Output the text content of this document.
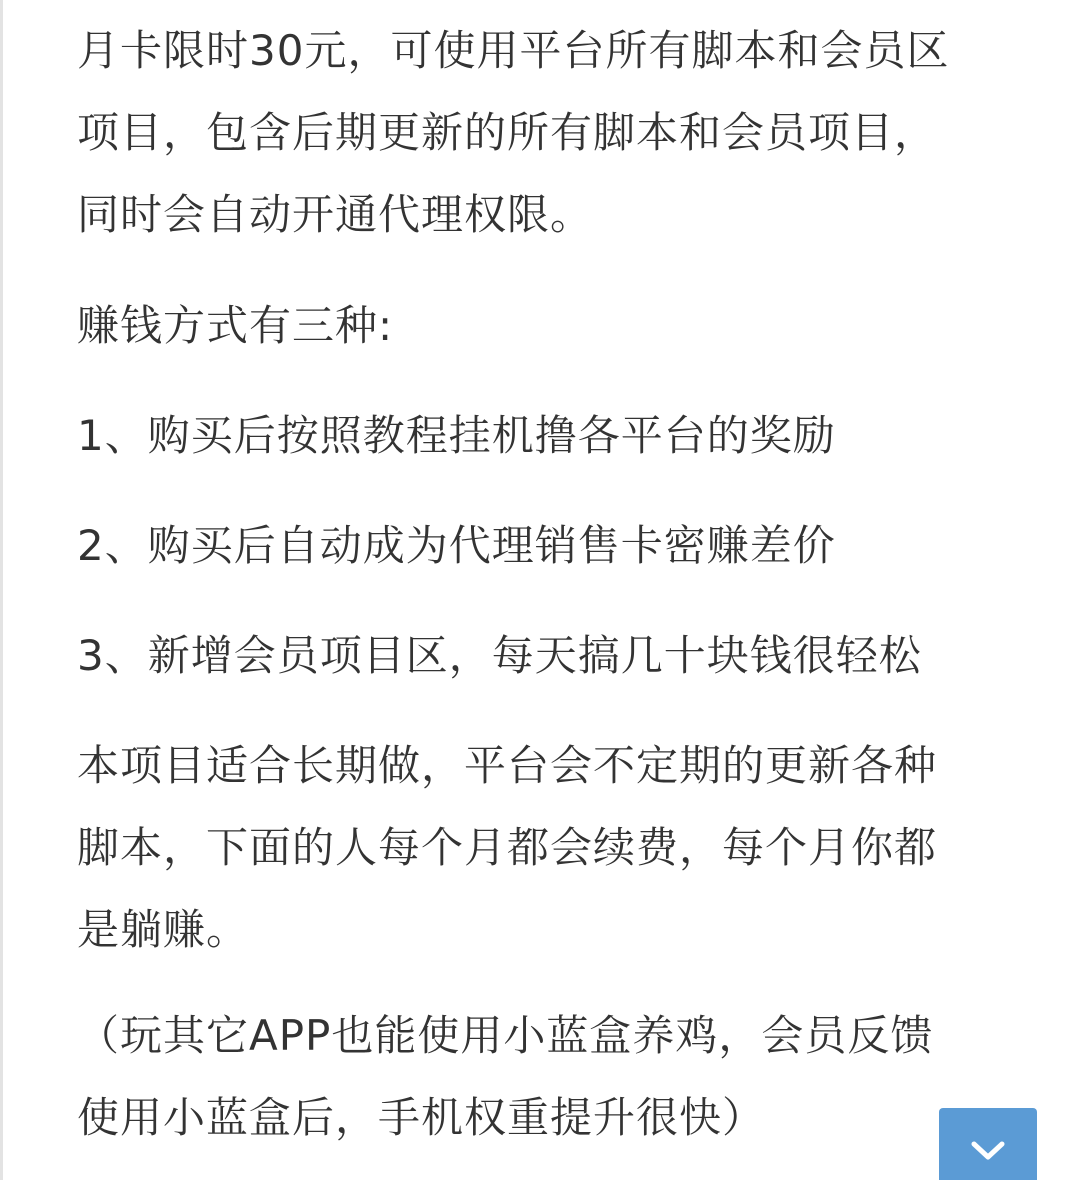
月卡限时30元，可使用平台所有脚本和会员区
项目，包含后期更新的所有脚本和会员项目，
同时会自动开通代理权限。

赚钱方式有三种:

1、购买后按照教程挂机撸各平台的奖励

2、购买后自动成为代理销售卡密赚差价

3、新增会员项目区，每天搞几十块钱很轻松

本项目适合长期做，平台会不定期的更新各种
脚本，下面的人每个月都会续费，每个月你都
是躺赚。

（玩其它APP也能使用小蓝盒养鸡，会员反馈
使用小蓝盒后，手机权重提升很快）
